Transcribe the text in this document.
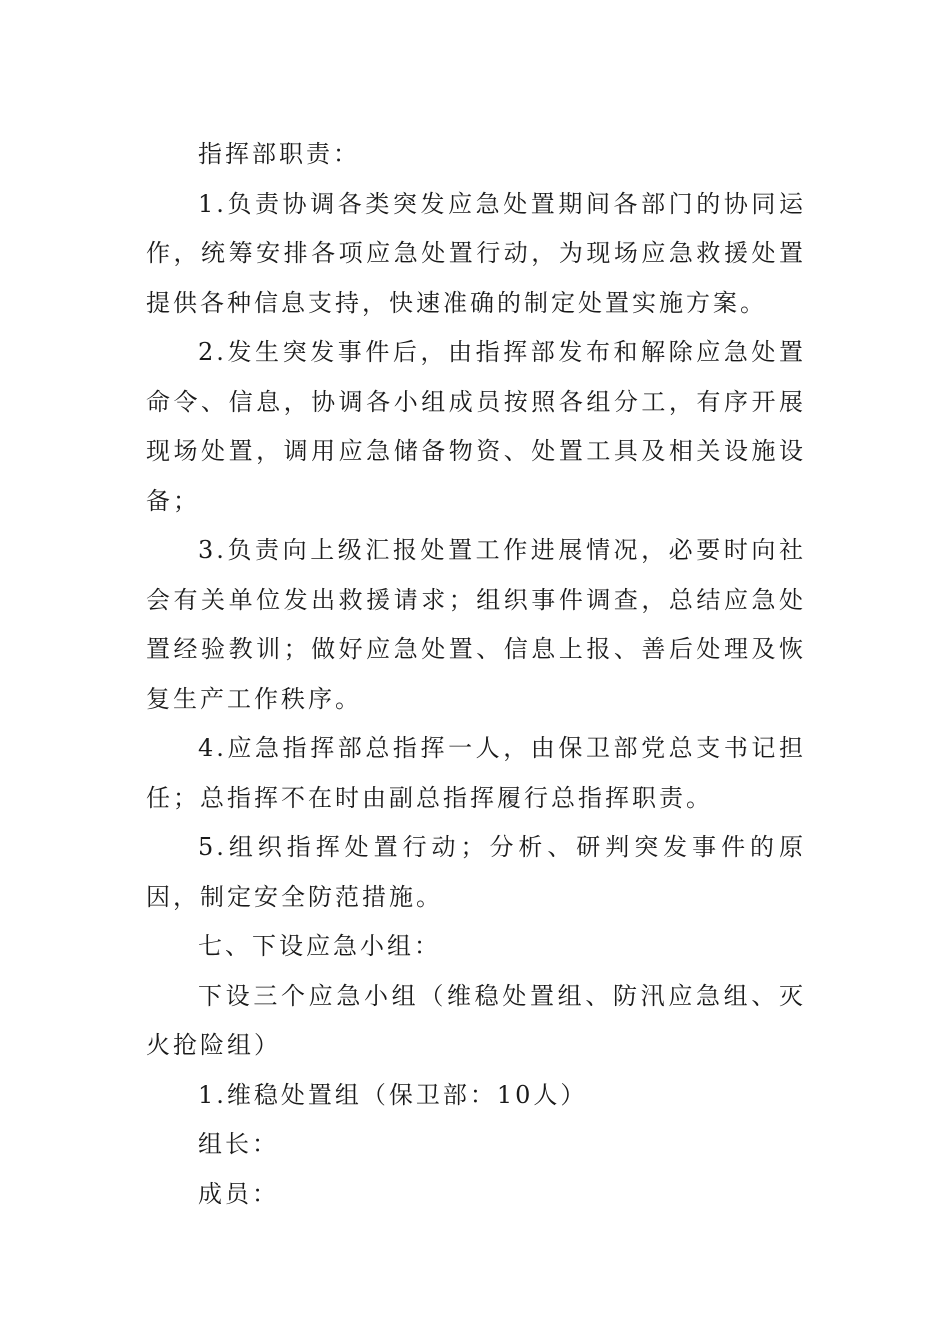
指挥部职责：

1.负责协调各类突发应急处置期间各部门的协同运作，统筹安排各项应急处置行动，为现场应急救援处置提供各种信息支持，快速准确的制定处置实施方案。

2.发生突发事件后，由指挥部发布和解除应急处置命令、信息，协调各小组成员按照各组分工，有序开展现场处置，调用应急储备物资、处置工具及相关设施设备；

3.负责向上级汇报处置工作进展情况，必要时向社会有关单位发出救援请求；组织事件调查，总结应急处置经验教训；做好应急处置、信息上报、善后处理及恢复生产工作秩序。

4.应急指挥部总指挥一人，由保卫部党总支书记担任；总指挥不在时由副总指挥履行总指挥职责。

5.组织指挥处置行动；分析、研判突发事件的原因，制定安全防范措施。

七、下设应急小组：

下设三个应急小组（维稳处置组、防汛应急组、灭火抢险组）

1.维稳处置组（保卫部：10人）

组长：

成员：
